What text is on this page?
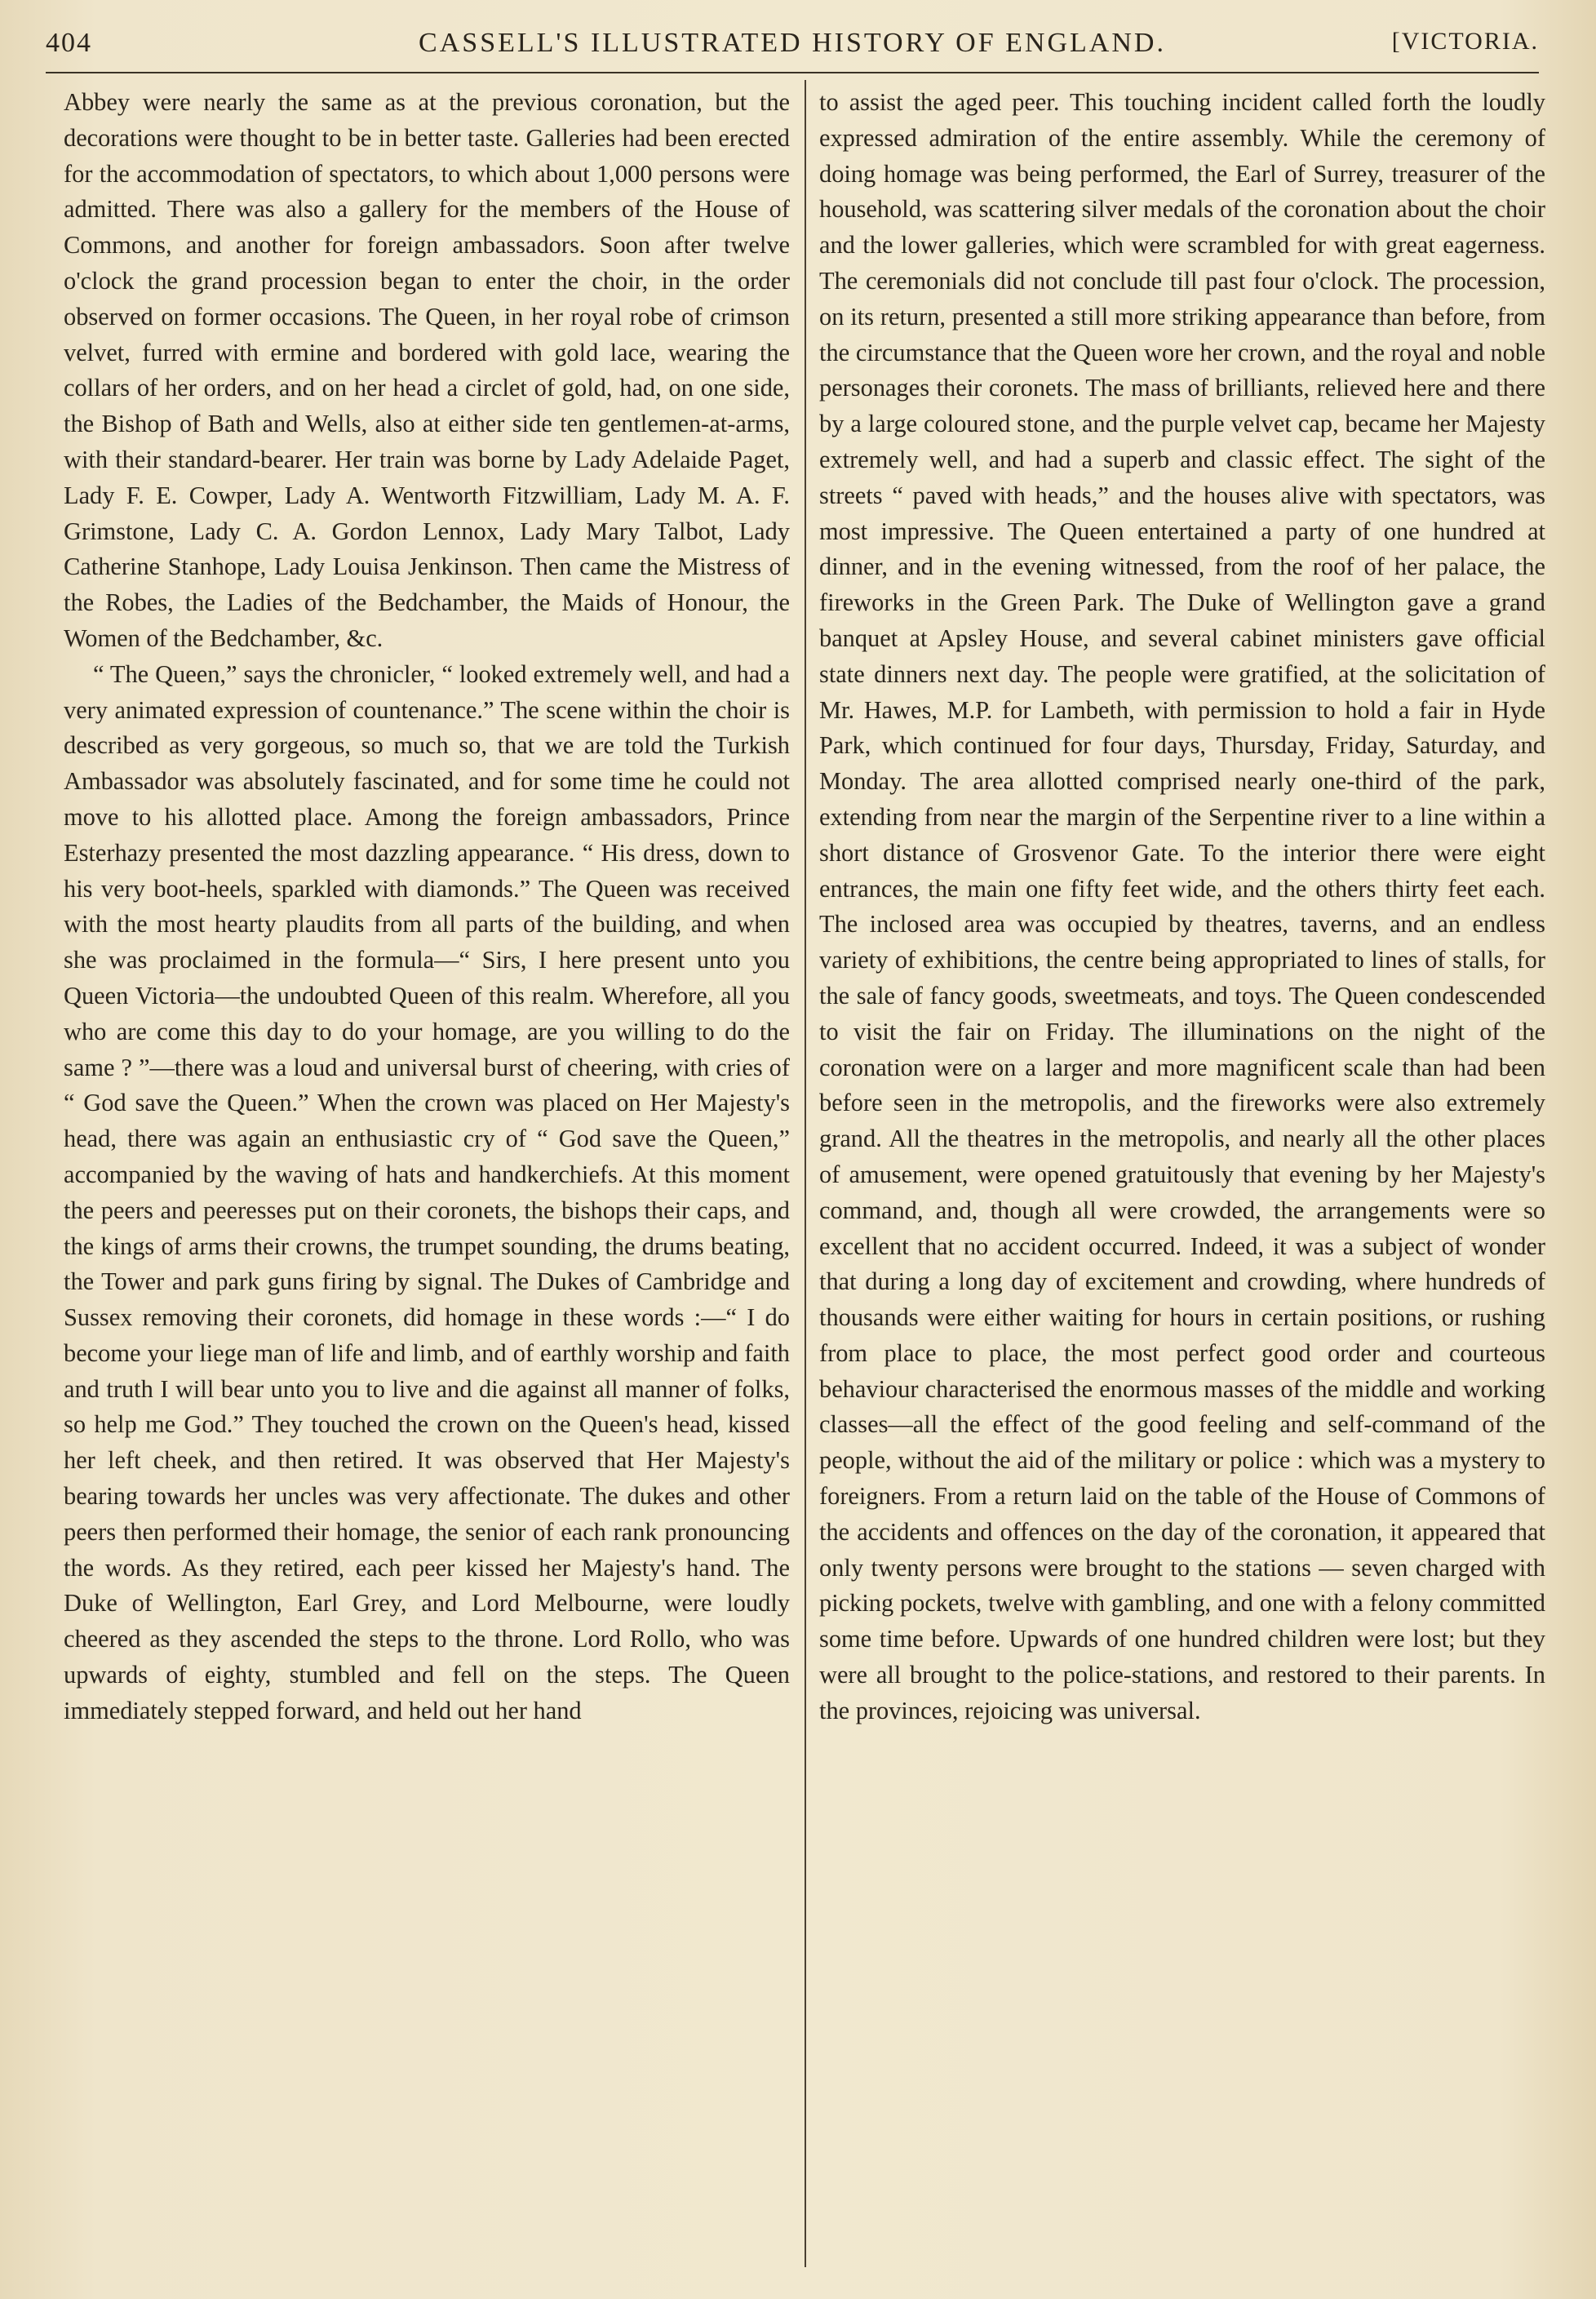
404	CASSELL'S ILLUSTRATED HISTORY OF ENGLAND.	[VICTORIA.

Abbey were nearly the same as at the previous coronation, but the decorations were thought to be in better taste. Galleries had been erected for the accommodation of spectators, to which about 1,000 persons were admitted. There was also a gallery for the members of the House of Commons, and another for foreign ambassadors. Soon after twelve o'clock the grand procession began to enter the choir, in the order observed on former occasions. The Queen, in her royal robe of crimson velvet, furred with ermine and bordered with gold lace, wearing the collars of her orders, and on her head a circlet of gold, had, on one side, the Bishop of Bath and Wells, also at either side ten gentlemen-at-arms, with their standard-bearer. Her train was borne by Lady Adelaide Paget, Lady F. E. Cowper, Lady A. Wentworth Fitzwilliam, Lady M. A. F. Grimstone, Lady C. A. Gordon Lennox, Lady Mary Talbot, Lady Catherine Stanhope, Lady Louisa Jenkinson. Then came the Mistress of the Robes, the Ladies of the Bedchamber, the Maids of Honour, the Women of the Bedchamber, &c.

“ The Queen,” says the chronicler, “ looked extremely well, and had a very animated expression of countenance.” The scene within the choir is described as very gorgeous, so much so, that we are told the Turkish Ambassador was absolutely fascinated, and for some time he could not move to his allotted place. Among the foreign ambassadors, Prince Esterhazy presented the most dazzling appearance. “ His dress, down to his very boot-heels, sparkled with diamonds.” The Queen was received with the most hearty plaudits from all parts of the building, and when she was proclaimed in the formula—“ Sirs, I here present unto you Queen Victoria—the undoubted Queen of this realm. Wherefore, all you who are come this day to do your homage, are you willing to do the same ? ”—there was a loud and universal burst of cheering, with cries of “ God save the Queen.” When the crown was placed on Her Majesty's head, there was again an enthusiastic cry of “ God save the Queen,” accompanied by the waving of hats and handkerchiefs. At this moment the peers and peeresses put on their coronets, the bishops their caps, and the kings of arms their crowns, the trumpet sounding, the drums beating, the Tower and park guns firing by signal. The Dukes of Cambridge and Sussex removing their coronets, did homage in these words :—“ I do become your liege man of life and limb, and of earthly worship and faith and truth I will bear unto you to live and die against all manner of folks, so help me God.” They touched the crown on the Queen's head, kissed her left cheek, and then retired. It was observed that Her Majesty's bearing towards her uncles was very affectionate. The dukes and other peers then performed their homage, the senior of each rank pronouncing the words. As they retired, each peer kissed her Majesty's hand. The Duke of Wellington, Earl Grey, and Lord Melbourne, were loudly cheered as they ascended the steps to the throne. Lord Rollo, who was upwards of eighty, stumbled and fell on the steps. The Queen immediately stepped forward, and held out her hand

to assist the aged peer. This touching incident called forth the loudly expressed admiration of the entire assembly. While the ceremony of doing homage was being performed, the Earl of Surrey, treasurer of the household, was scattering silver medals of the coronation about the choir and the lower galleries, which were scrambled for with great eagerness. The ceremonials did not conclude till past four o'clock. The procession, on its return, presented a still more striking appearance than before, from the circumstance that the Queen wore her crown, and the royal and noble personages their coronets. The mass of brilliants, relieved here and there by a large coloured stone, and the purple velvet cap, became her Majesty extremely well, and had a superb and classic effect. The sight of the streets “ paved with heads,” and the houses alive with spectators, was most impressive. The Queen entertained a party of one hundred at dinner, and in the evening witnessed, from the roof of her palace, the fireworks in the Green Park. The Duke of Wellington gave a grand banquet at Apsley House, and several cabinet ministers gave official state dinners next day. The people were gratified, at the solicitation of Mr. Hawes, M.P. for Lambeth, with permission to hold a fair in Hyde Park, which continued for four days, Thursday, Friday, Saturday, and Monday. The area allotted comprised nearly one-third of the park, extending from near the margin of the Serpentine river to a line within a short distance of Grosvenor Gate. To the interior there were eight entrances, the main one fifty feet wide, and the others thirty feet each. The inclosed area was occupied by theatres, taverns, and an endless variety of exhibitions, the centre being appropriated to lines of stalls, for the sale of fancy goods, sweetmeats, and toys. The Queen condescended to visit the fair on Friday. The illuminations on the night of the coronation were on a larger and more magnificent scale than had been before seen in the metropolis, and the fireworks were also extremely grand. All the theatres in the metropolis, and nearly all the other places of amusement, were opened gratuitously that evening by her Majesty's command, and, though all were crowded, the arrangements were so excellent that no accident occurred. Indeed, it was a subject of wonder that during a long day of excitement and crowding, where hundreds of thousands were either waiting for hours in certain positions, or rushing from place to place, the most perfect good order and courteous behaviour characterised the enormous masses of the middle and working classes—all the effect of the good feeling and self-command of the people, without the aid of the military or police : which was a mystery to foreigners. From a return laid on the table of the House of Commons of the accidents and offences on the day of the coronation, it appeared that only twenty persons were brought to the stations — seven charged with picking pockets, twelve with gambling, and one with a felony committed some time before. Upwards of one hundred children were lost; but they were all brought to the police-stations, and restored to their parents. In the provinces, rejoicing was universal.
